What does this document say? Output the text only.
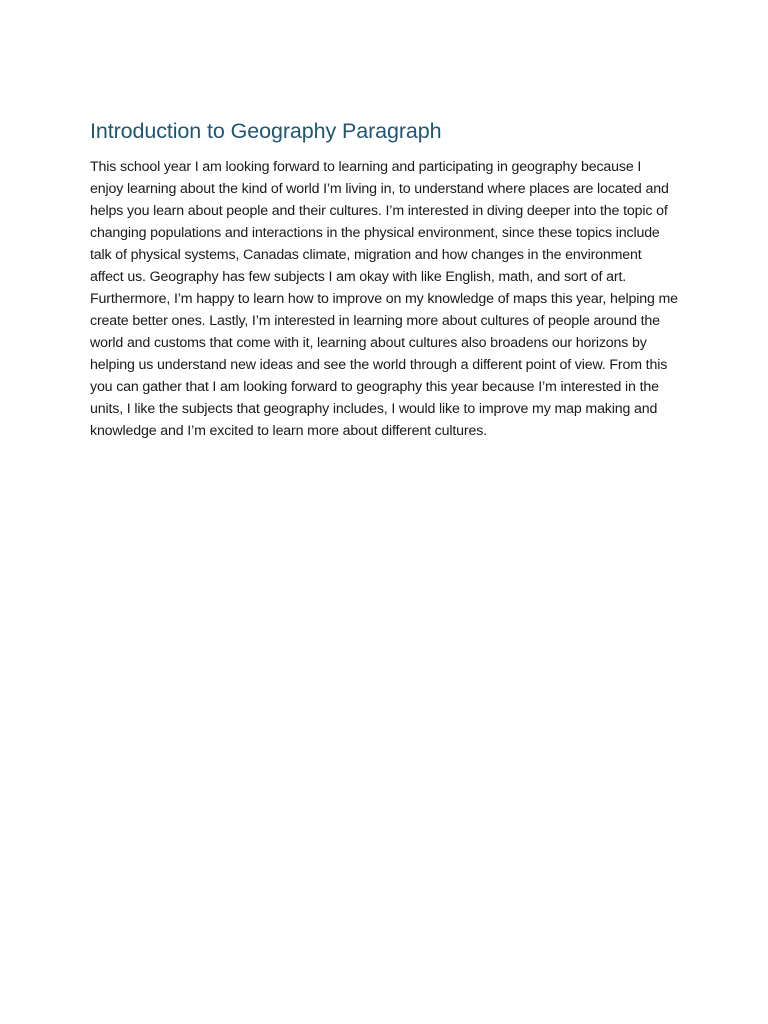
Introduction to Geography Paragraph

This school year I am looking forward to learning and participating in geography because I enjoy learning about the kind of world I’m living in, to understand where places are located and helps you learn about people and their cultures. I’m interested in diving deeper into the topic of changing populations and interactions in the physical environment, since these topics include talk of physical systems, Canadas climate, migration and how changes in the environment affect us. Geography has few subjects I am okay with like English, math, and sort of art. Furthermore, I’m happy to learn how to improve on my knowledge of maps this year, helping me create better ones. Lastly, I’m interested in learning more about cultures of people around the world and customs that come with it, learning about cultures also broadens our horizons by helping us understand new ideas and see the world through a different point of view. From this you can gather that I am looking forward to geography this year because I’m interested in the units, I like the subjects that geography includes, I would like to improve my map making and knowledge and I’m excited to learn more about different cultures.
